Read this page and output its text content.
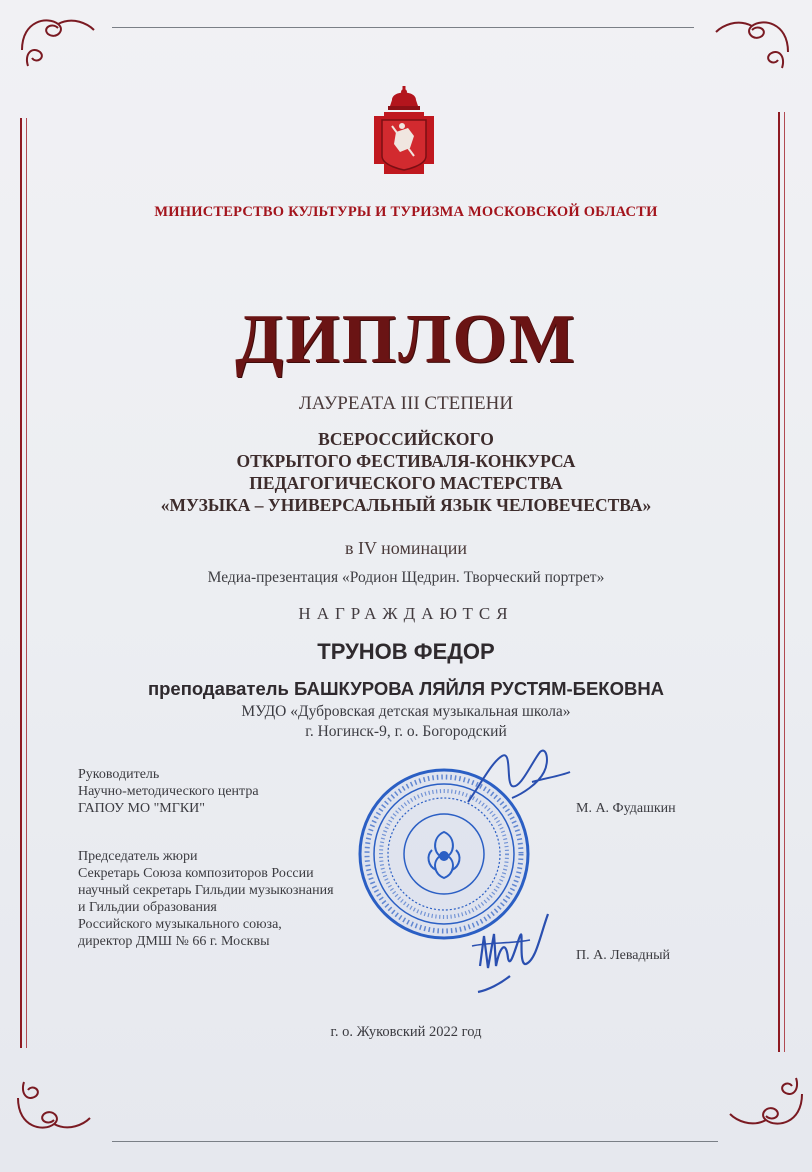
МИНИСТЕРСТВО КУЛЬТУРЫ И ТУРИЗМА МОСКОВСКОЙ ОБЛАСТИ
ДИПЛОМ
ЛАУРЕАТА III СТЕПЕНИ
ВСЕРОССИЙСКОГО
ОТКРЫТОГО ФЕСТИВАЛЯ-КОНКУРСА
ПЕДАГОГИЧЕСКОГО МАСТЕРСТВА
«МУЗЫКА – УНИВЕРСАЛЬНЫЙ ЯЗЫК ЧЕЛОВЕЧЕСТВА»
в IV номинации
Медиа-презентация «Родион Щедрин. Творческий портрет»
НАГРАЖДАЮТСЯ
ТРУНОВ ФЕДОР
преподаватель БАШКУРОВА ЛЯЙЛЯ РУСТЯМ-БЕКОВНА
МУДО «Дубровская детская музыкальная школа»
г. Ногинск-9, г. о. Богородский
Руководитель
Научно-методического центра
ГАПОУ МО "МГКИ"	М. А. Фудашкин
Председатель жюри
Секретарь Союза композиторов России
научный секретарь Гильдии музыкознания
и Гильдии образования
Российского музыкального союза,
директор ДМШ № 66 г. Москвы
П. А. Левадный
г. о. Жуковский 2022 год
